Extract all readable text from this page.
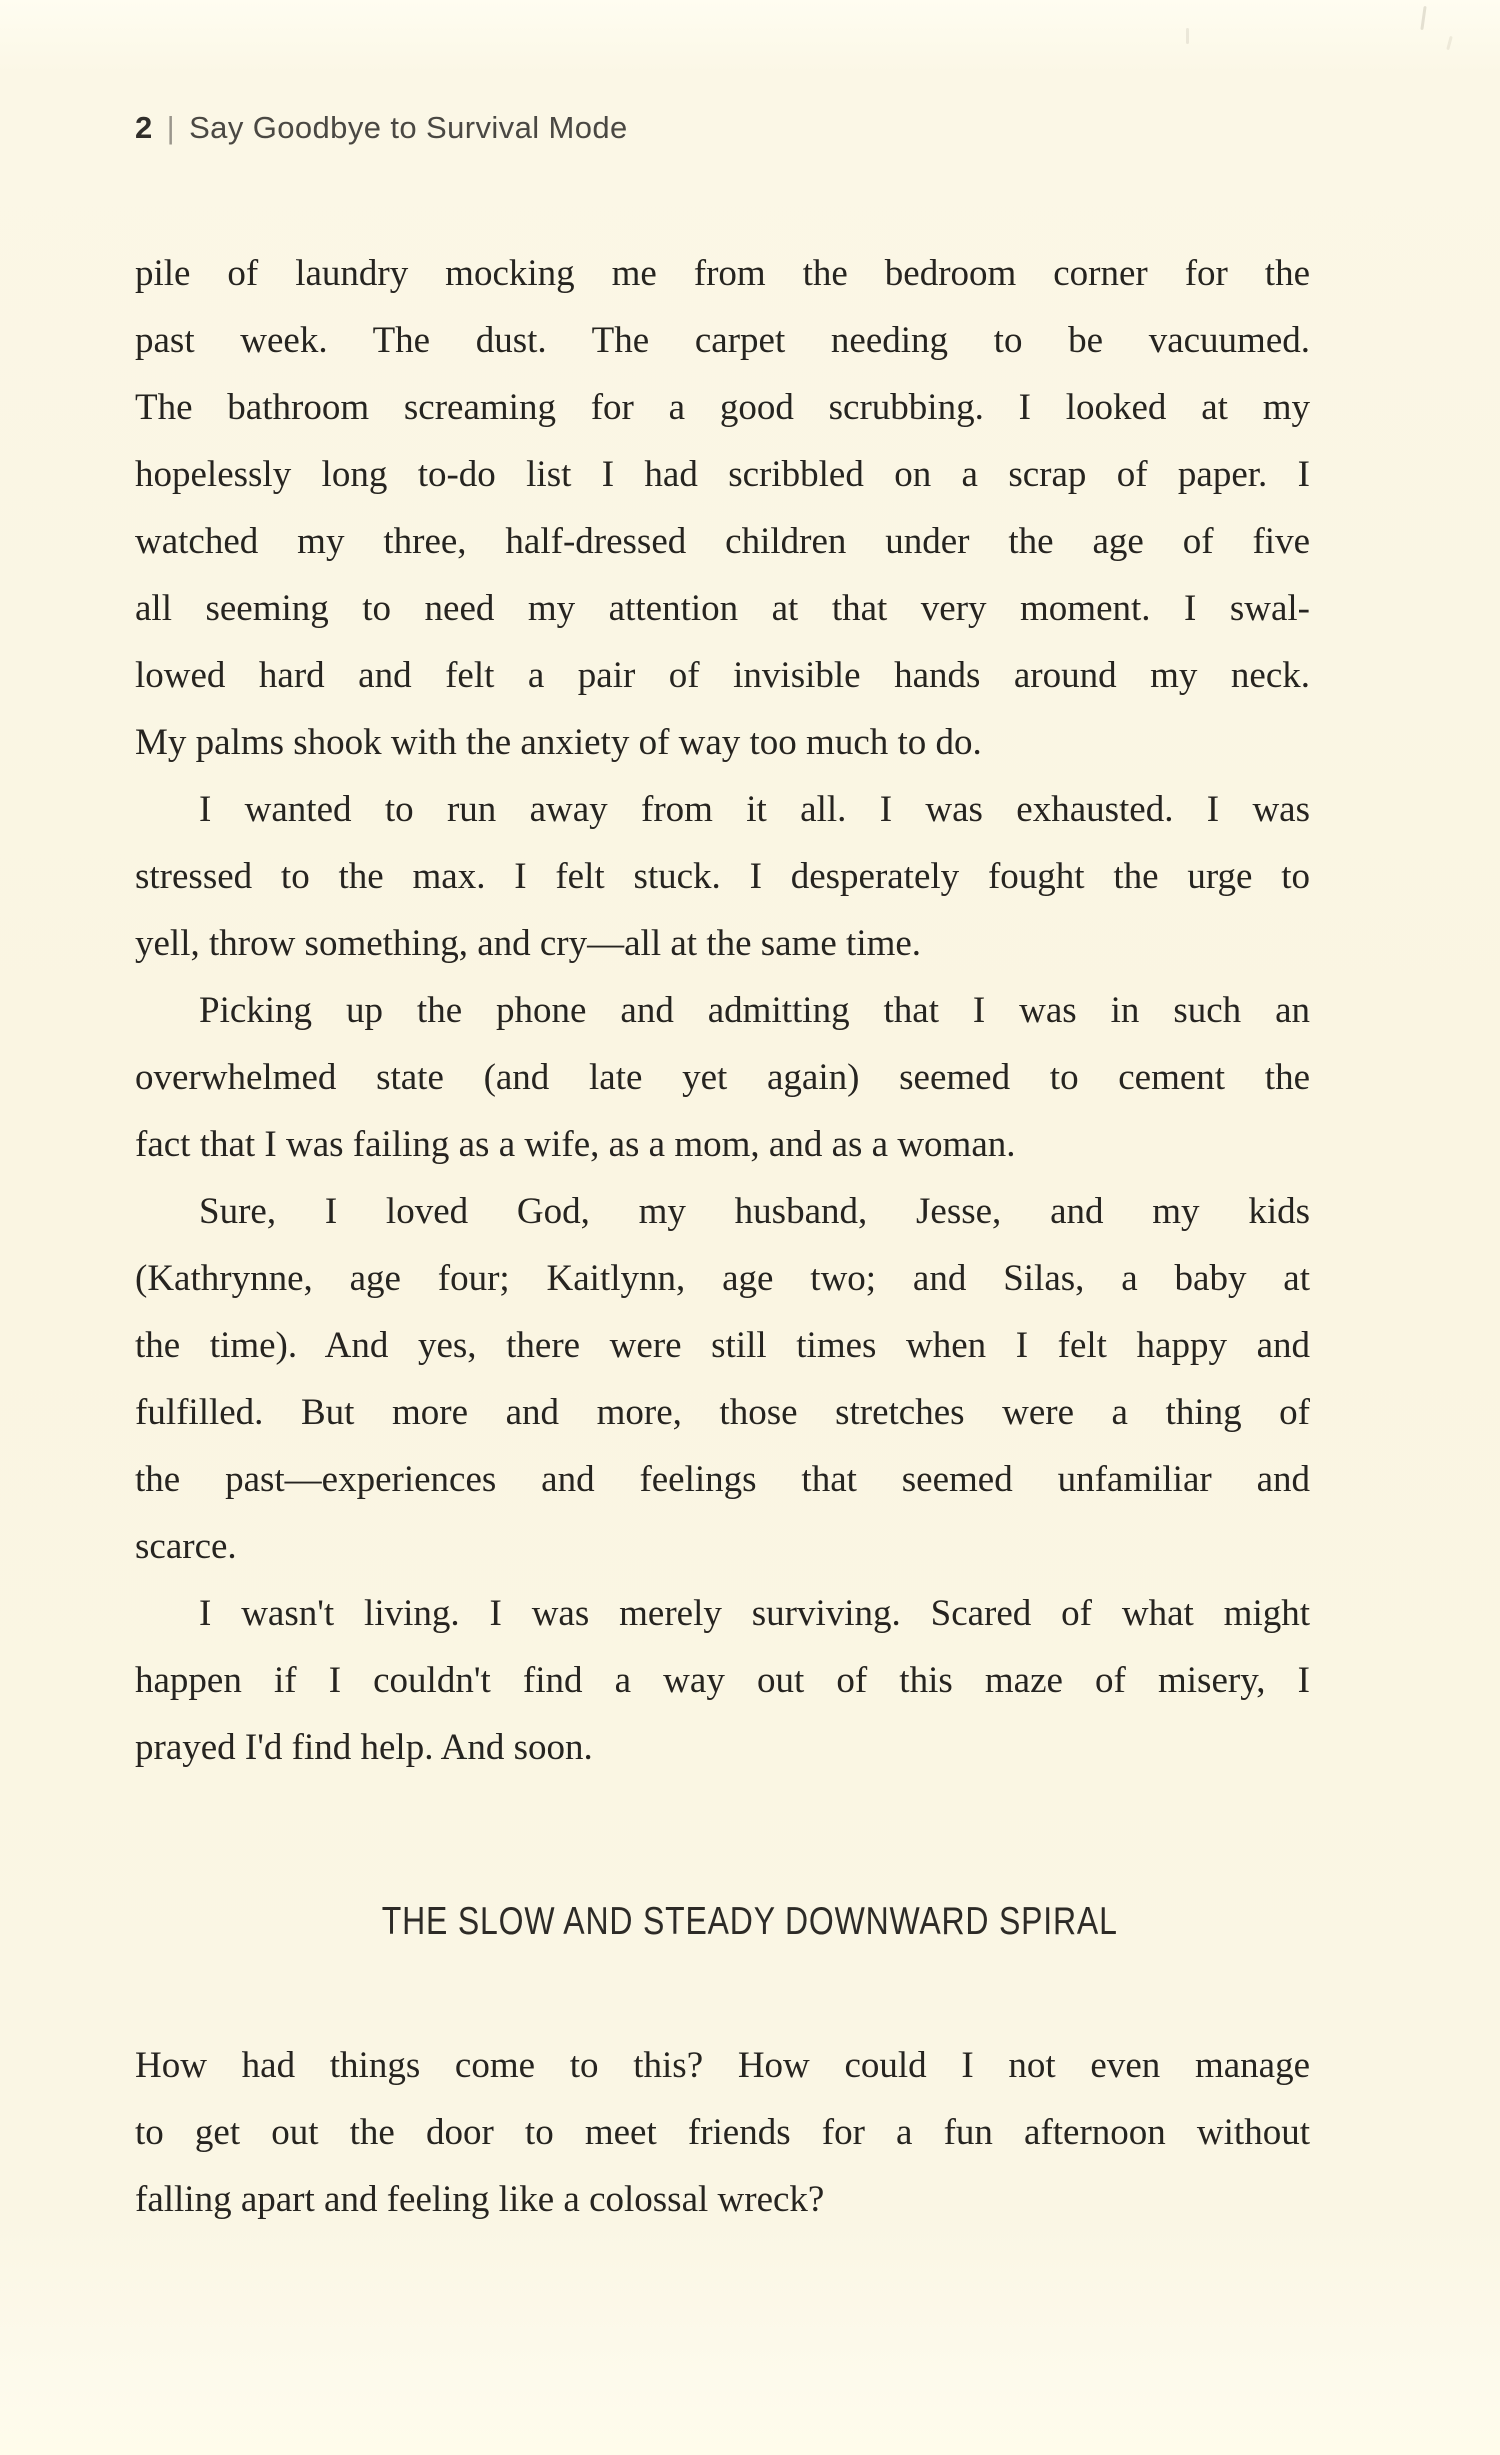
2 | Say Goodbye to Survival Mode
pile of laundry mocking me from the bedroom corner for the
past week. The dust. The carpet needing to be vacuumed.
The bathroom screaming for a good scrubbing. I looked at my
hopelessly long to-do list I had scribbled on a scrap of paper. I
watched my three, half-dressed children under the age of five
all seeming to need my attention at that very moment. I swal-
lowed hard and felt a pair of invisible hands around my neck.
My palms shook with the anxiety of way too much to do.
I wanted to run away from it all. I was exhausted. I was
stressed to the max. I felt stuck. I desperately fought the urge to
yell, throw something, and cry—all at the same time.
Picking up the phone and admitting that I was in such an
overwhelmed state (and late yet again) seemed to cement the
fact that I was failing as a wife, as a mom, and as a woman.
Sure, I loved God, my husband, Jesse, and my kids
(Kathrynne, age four; Kaitlynn, age two; and Silas, a baby at
the time). And yes, there were still times when I felt happy and
fulfilled. But more and more, those stretches were a thing of
the past—experiences and feelings that seemed unfamiliar and
scarce.
I wasn't living. I was merely surviving. Scared of what might
happen if I couldn't find a way out of this maze of misery, I
prayed I'd find help. And soon.
THE SLOW AND STEADY DOWNWARD SPIRAL
How had things come to this? How could I not even manage
to get out the door to meet friends for a fun afternoon without
falling apart and feeling like a colossal wreck?
